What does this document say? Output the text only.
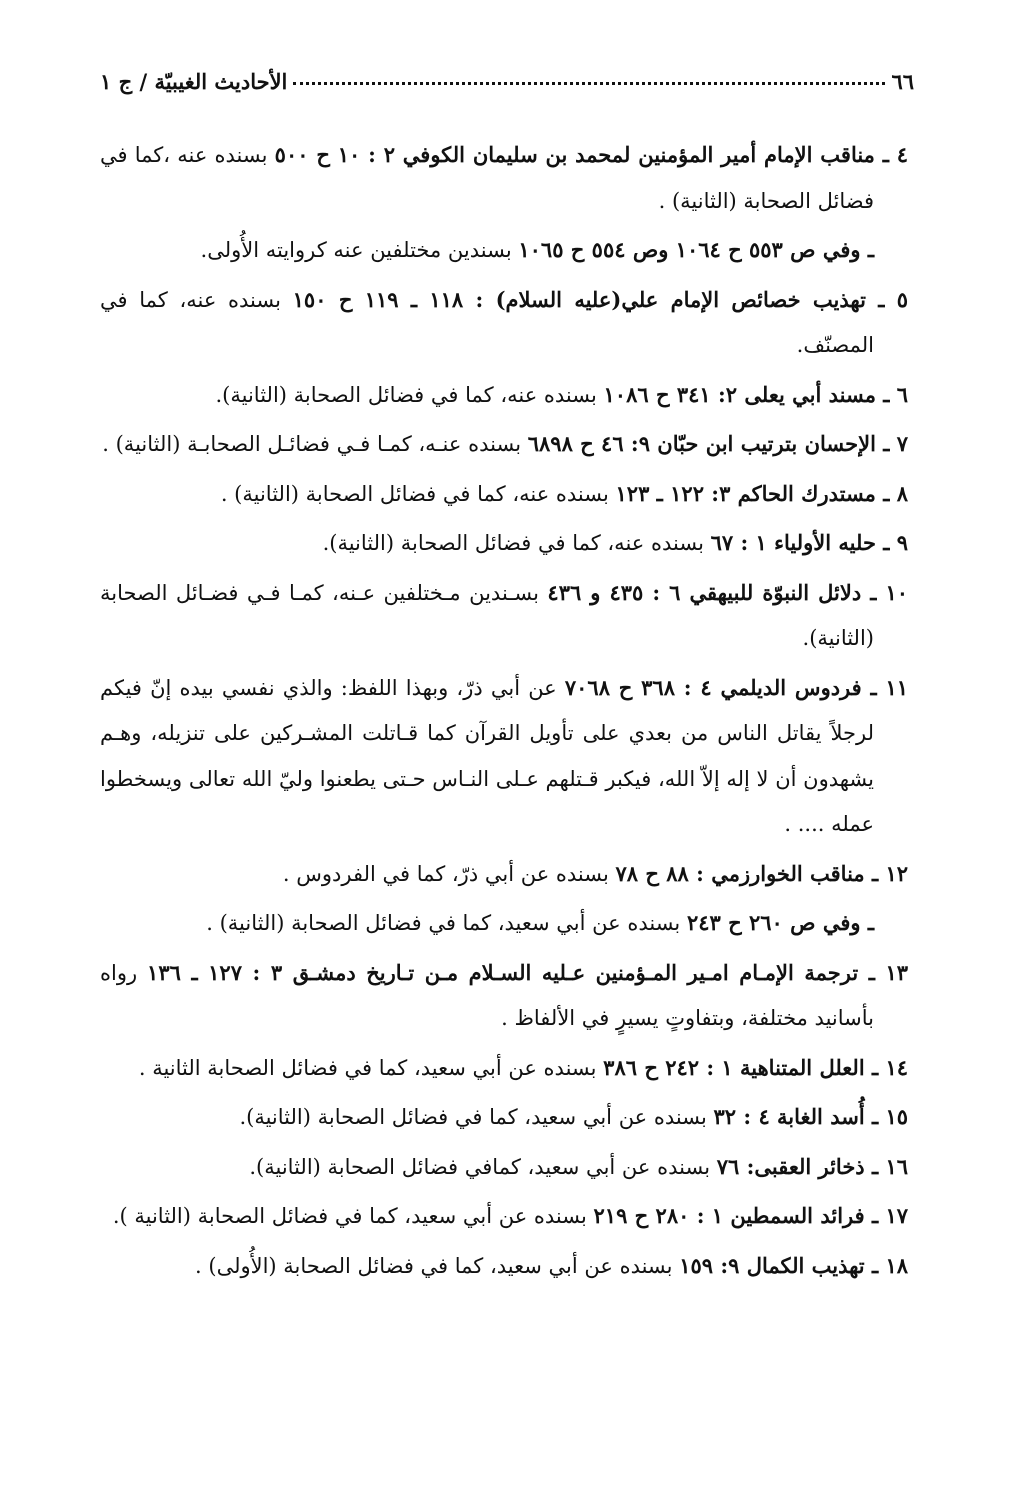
٦٦
الأحاديث الغيبيّة / ج ١

٤ ـ مناقب الإمام أمير المؤمنين لمحمد بن سليمان الكوفي ٢ : ١٠ ح ٥٠٠ بسنده عنه ،كما في فضائل الصحابة (الثانية) .

ـ وفي ص ٥٥٣ ح ١٠٦٤ وص ٥٥٤ ح ١٠٦٥ بسندين مختلفين عنه كروايته الأُولى.

٥ ـ تهذيب خصائص الإمام علي(عليه السلام) : ١١٨ ـ ١١٩ ح ١٥٠ بسنده عنه، كما في المصنّف.

٦ ـ مسند أبي يعلى ٢: ٣٤١ ح ١٠٨٦ بسنده عنه، كما في فضائل الصحابة (الثانية).

٧ ـ الإحسان بترتيب ابن حبّان ٩: ٤٦ ح ٦٨٩٨ بسنده عنـه، كمـا فـي فضائـل الصحابـة (الثانية) .

٨ ـ مستدرك الحاكم ٣: ١٢٢ ـ ١٢٣ بسنده عنه، كما في فضائل الصحابة (الثانية) .

٩ ـ حليه الأولياء ١ : ٦٧ بسنده عنه، كما في فضائل الصحابة (الثانية).

١٠ ـ دلائل النبوّة للبيهقي ٦ : ٤٣٥ و ٤٣٦ بسـندين مـختلفين عـنه، كمـا فـي فضـائل الصحابة (الثانية).

١١ ـ فردوس الديلمي ٤ : ٣٦٨ ح ٧٠٦٨ عن أبي ذرّ، وبهذا اللفظ: والذي نفسي بيده إنّ فيكم لرجلاً يقاتل الناس من بعدي على تأويل القرآن كما قـاتلت المشـركين على تنزيله، وهـم يشهدون أن لا إله إلاّ الله، فيكبر قـتلهم عـلى النـاس حـتى يطعنوا وليّ الله تعالى ويسخطوا عمله .... .

١٢ ـ مناقب الخوارزمي : ٨٨ ح ٧٨ بسنده عن أبي ذرّ، كما في الفردوس .

ـ وفي ص ٢٦٠ ح ٢٤٣ بسنده عن أبي سعيد، كما في فضائل الصحابة (الثانية) .

١٣ ـ ترجمة الإمـام امـير المـؤمنين عـليه السـلام مـن تـاريخ دمشـق ٣ : ١٢٧ ـ ١٣٦ رواه بأسانيد مختلفة، وبتفاوتٍ يسيرٍ في الألفاظ .

١٤ ـ العلل المتناهية ١ : ٢٤٢ ح ٣٨٦ بسنده عن أبي سعيد، كما في فضائل الصحابة الثانية .

١٥ ـ أُسد الغابة ٤ : ٣٢ بسنده عن أبي سعيد، كما في فضائل الصحابة (الثانية).

١٦ ـ ذخائر العقبى: ٧٦ بسنده عن أبي سعيد، كمافي فضائل الصحابة (الثانية).

١٧ ـ فرائد السمطين ١ : ٢٨٠ ح ٢١٩ بسنده عن أبي سعيد، كما في فضائل الصحابة (الثانية ).

١٨ ـ تهذيب الكمال ٩: ١٥٩ بسنده عن أبي سعيد، كما في فضائل الصحابة (الأُولى) .
